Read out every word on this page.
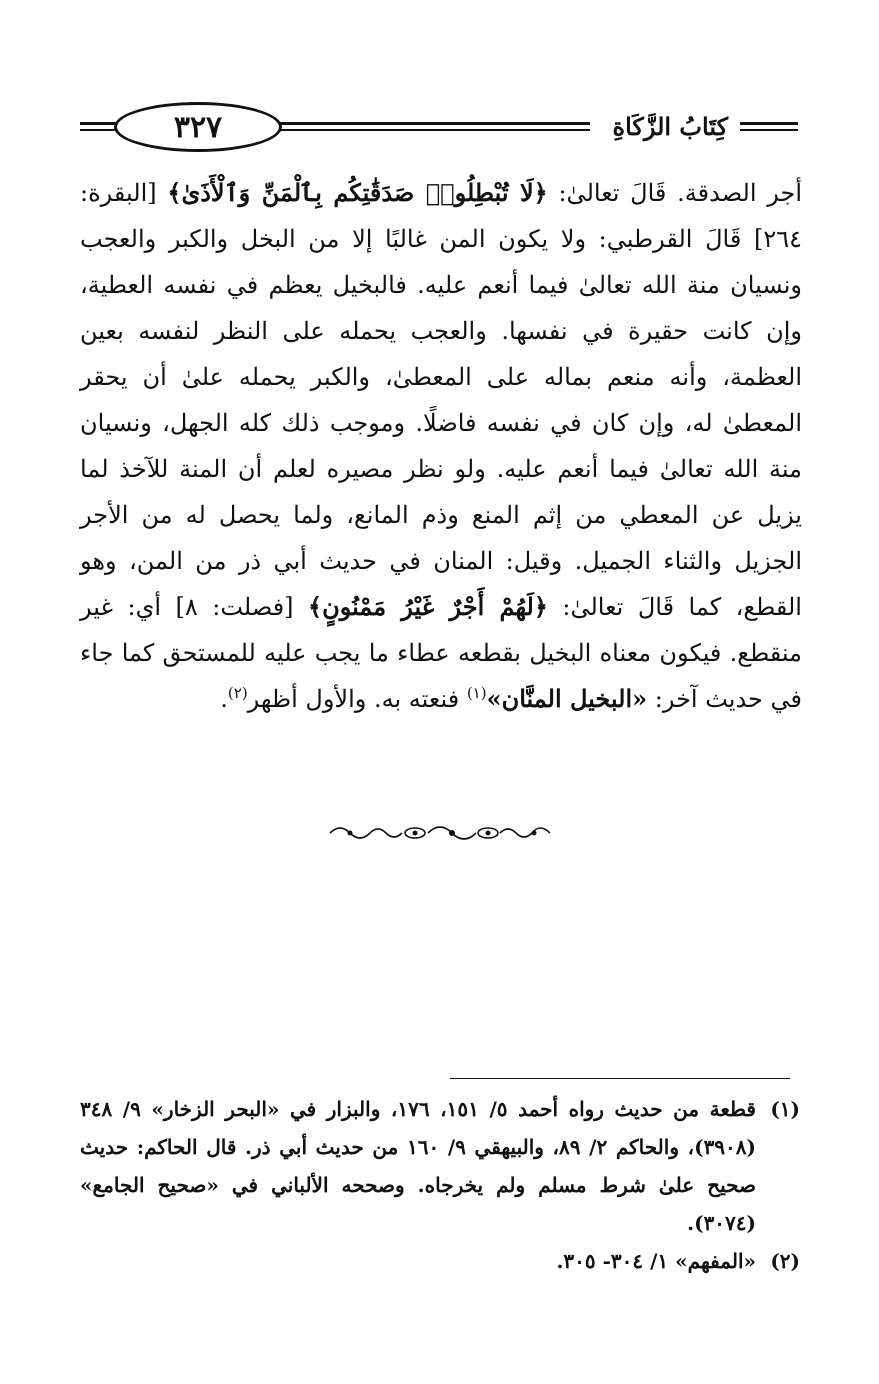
٣٢٧	كِتَابُ الزَّكَاةِ

أجر الصدقة. قَالَ تعالىٰ: ﴿لَا تُبْطِلُوا۟ صَدَقَٰتِكُم بِٱلْمَنِّ وَٱلْأَذَىٰ﴾ [البقرة: ٢٦٤] قَالَ القرطبي: ولا يكون المن غالبًا إلا من البخل والكبر والعجب ونسيان منة الله تعالىٰ فيما أنعم عليه. فالبخيل يعظم في نفسه العطية، وإن كانت حقيرة في نفسها. والعجب يحمله على النظر لنفسه بعين العظمة، وأنه منعم بماله على المعطىٰ، والكبر يحمله علىٰ أن يحقر المعطىٰ له، وإن كان في نفسه فاضلًا. وموجب ذلك كله الجهل، ونسيان منة الله تعالىٰ فيما أنعم عليه. ولو نظر مصيره لعلم أن المنة للآخذ لما يزيل عن المعطي من إثم المنع وذم المانع، ولما يحصل له من الأجر الجزيل والثناء الجميل. وقيل: المنان في حديث أبي ذر من المن، وهو القطع، كما قَالَ تعالىٰ: ﴿لَهُمْ أَجْرٌ غَيْرُ مَمْنُونٍ﴾ [فصلت: ٨] أي: غير منقطع. فيكون معناه البخيل بقطعه عطاء ما يجب عليه للمستحق كما جاء في حديث آخر: «البخيل المنَّان»$^{(١)}$ فنعته به. والأول أظهر$^{(٢)}$.

(١)
قطعة من حديث رواه أحمد ٥/ ١٥١، ١٧٦، والبزار في «البحر الزخار» ٩/ ٣٤٨ (٣٩٠٨)، والحاكم ٢/ ٨٩، والبيهقي ٩/ ١٦٠ من حديث أبي ذر. قال الحاكم: حديث صحيح علىٰ شرط مسلم ولم يخرجاه. وصححه الألباني في «صحيح الجامع» (٣٠٧٤).
(٢)
«المفهم» ١/ ٣٠٤- ٣٠٥.
